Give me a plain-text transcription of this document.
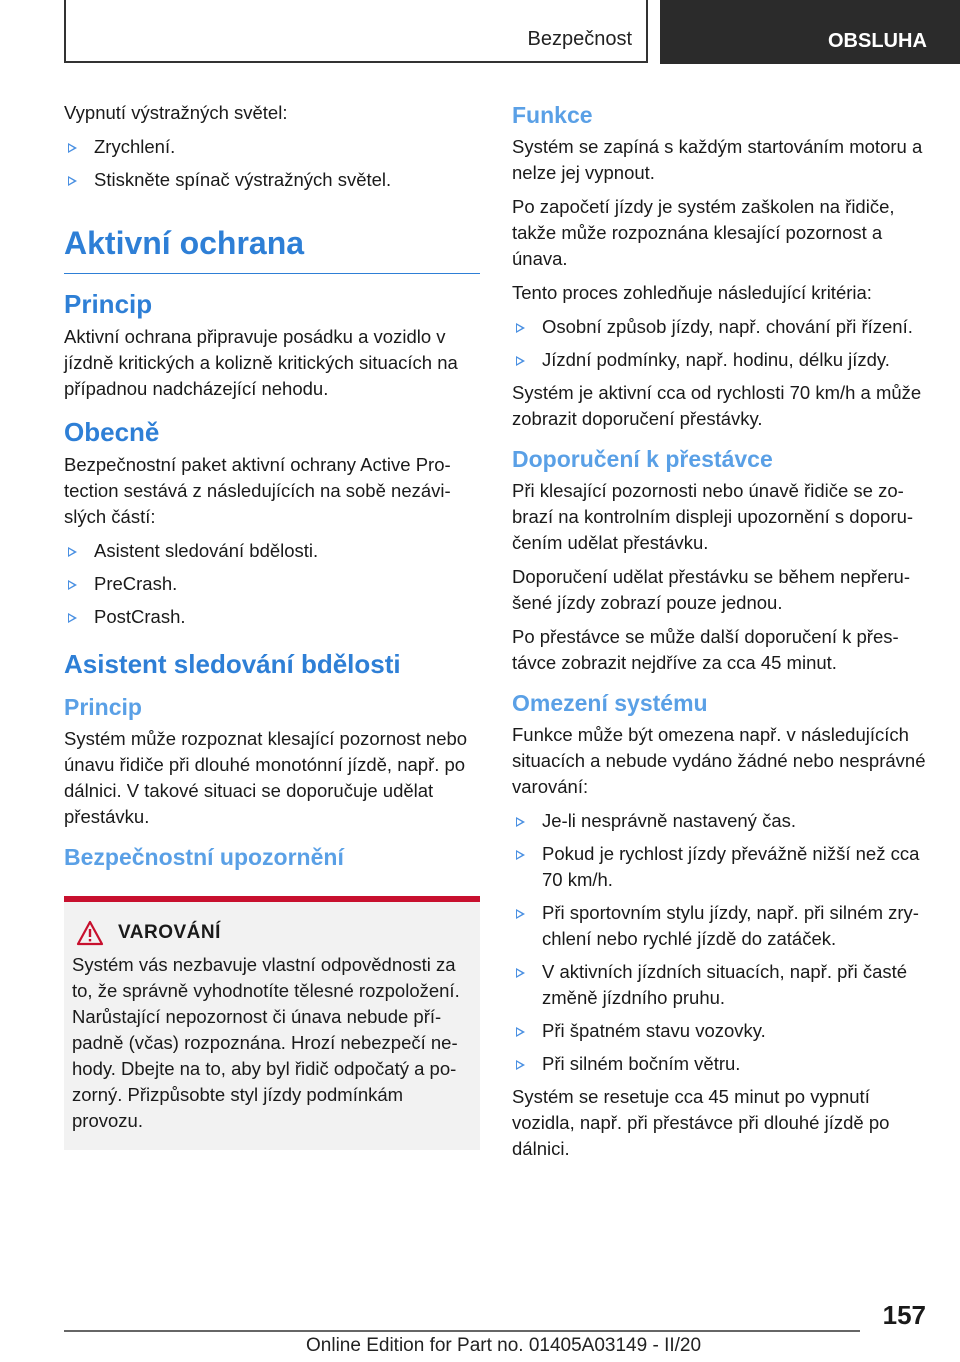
Bezpečnost	OBSLUHA

Vypnutí výstražných světel:

Zrychlení.
Stiskněte spínač výstražných světel.
Aktivní ochrana
Princip

Aktivní ochrana připravuje posádku a vozidlo v jízdně kritických a kolizně kritických situacích na případnou nadcházející nehodu.

Obecně

Bezpečnostní paket aktivní ochrany Active Protection sestává z následujících na sobě nezávislých částí:

Asistent sledování bdělosti.
PreCrash.
PostCrash.
Asistent sledování bdělosti
Princip

Systém může rozpoznat klesající pozornost nebo únavu řidiče při dlouhé monotónní jízdě, např. po dálnici. V takové situaci se doporučuje udělat přestávku.

Bezpečnostní upozornění
VAROVÁNÍ

Systém vás nezbavuje vlastní odpovědnosti za to, že správně vyhodnotíte tělesné rozpoložení. Narůstající nepozornost či únava nebude případně (včas) rozpoznána. Hrozí nebezpečí nehody. Dbejte na to, aby byl řidič odpočatý a pozorný. Přizpůsobte styl jízdy podmínkám provozu.

Funkce

Systém se zapíná s každým startováním motoru a nelze jej vypnout.

Po započetí jízdy je systém zaškolen na řidiče, takže může rozpoznána klesající pozornost a únava.

Tento proces zohledňuje následující kritéria:

Osobní způsob jízdy, např. chování při řízení.
Jízdní podmínky, např. hodinu, délku jízdy.

Systém je aktivní cca od rychlosti 70 km/h a může zobrazit doporučení přestávky.

Doporučení k přestávce

Při klesající pozornosti nebo únavě řidiče se zobrazí na kontrolním displeji upozornění s doporučením udělat přestávku.

Doporučení udělat přestávku se během nepřerušené jízdy zobrazí pouze jednou.

Po přestávce se může další doporučení k přestávce zobrazit nejdříve za cca 45 minut.

Omezení systému

Funkce může být omezena např. v následujících situacích a nebude vydáno žádné nebo nesprávné varování:

Je-li nesprávně nastavený čas.
Pokud je rychlost jízdy převážně nižší než cca 70 km/h.
Při sportovním stylu jízdy, např. při silném zrychlení nebo rychlé jízdě do zatáček.
V aktivních jízdních situacích, např. při časté změně jízdního pruhu.
Při špatném stavu vozovky.
Při silném bočním větru.

Systém se resetuje cca 45 minut po vypnutí vozidla, např. při přestávce při dlouhé jízdě po dálnici.

157
Online Edition for Part no. 01405A03149 - II/20
